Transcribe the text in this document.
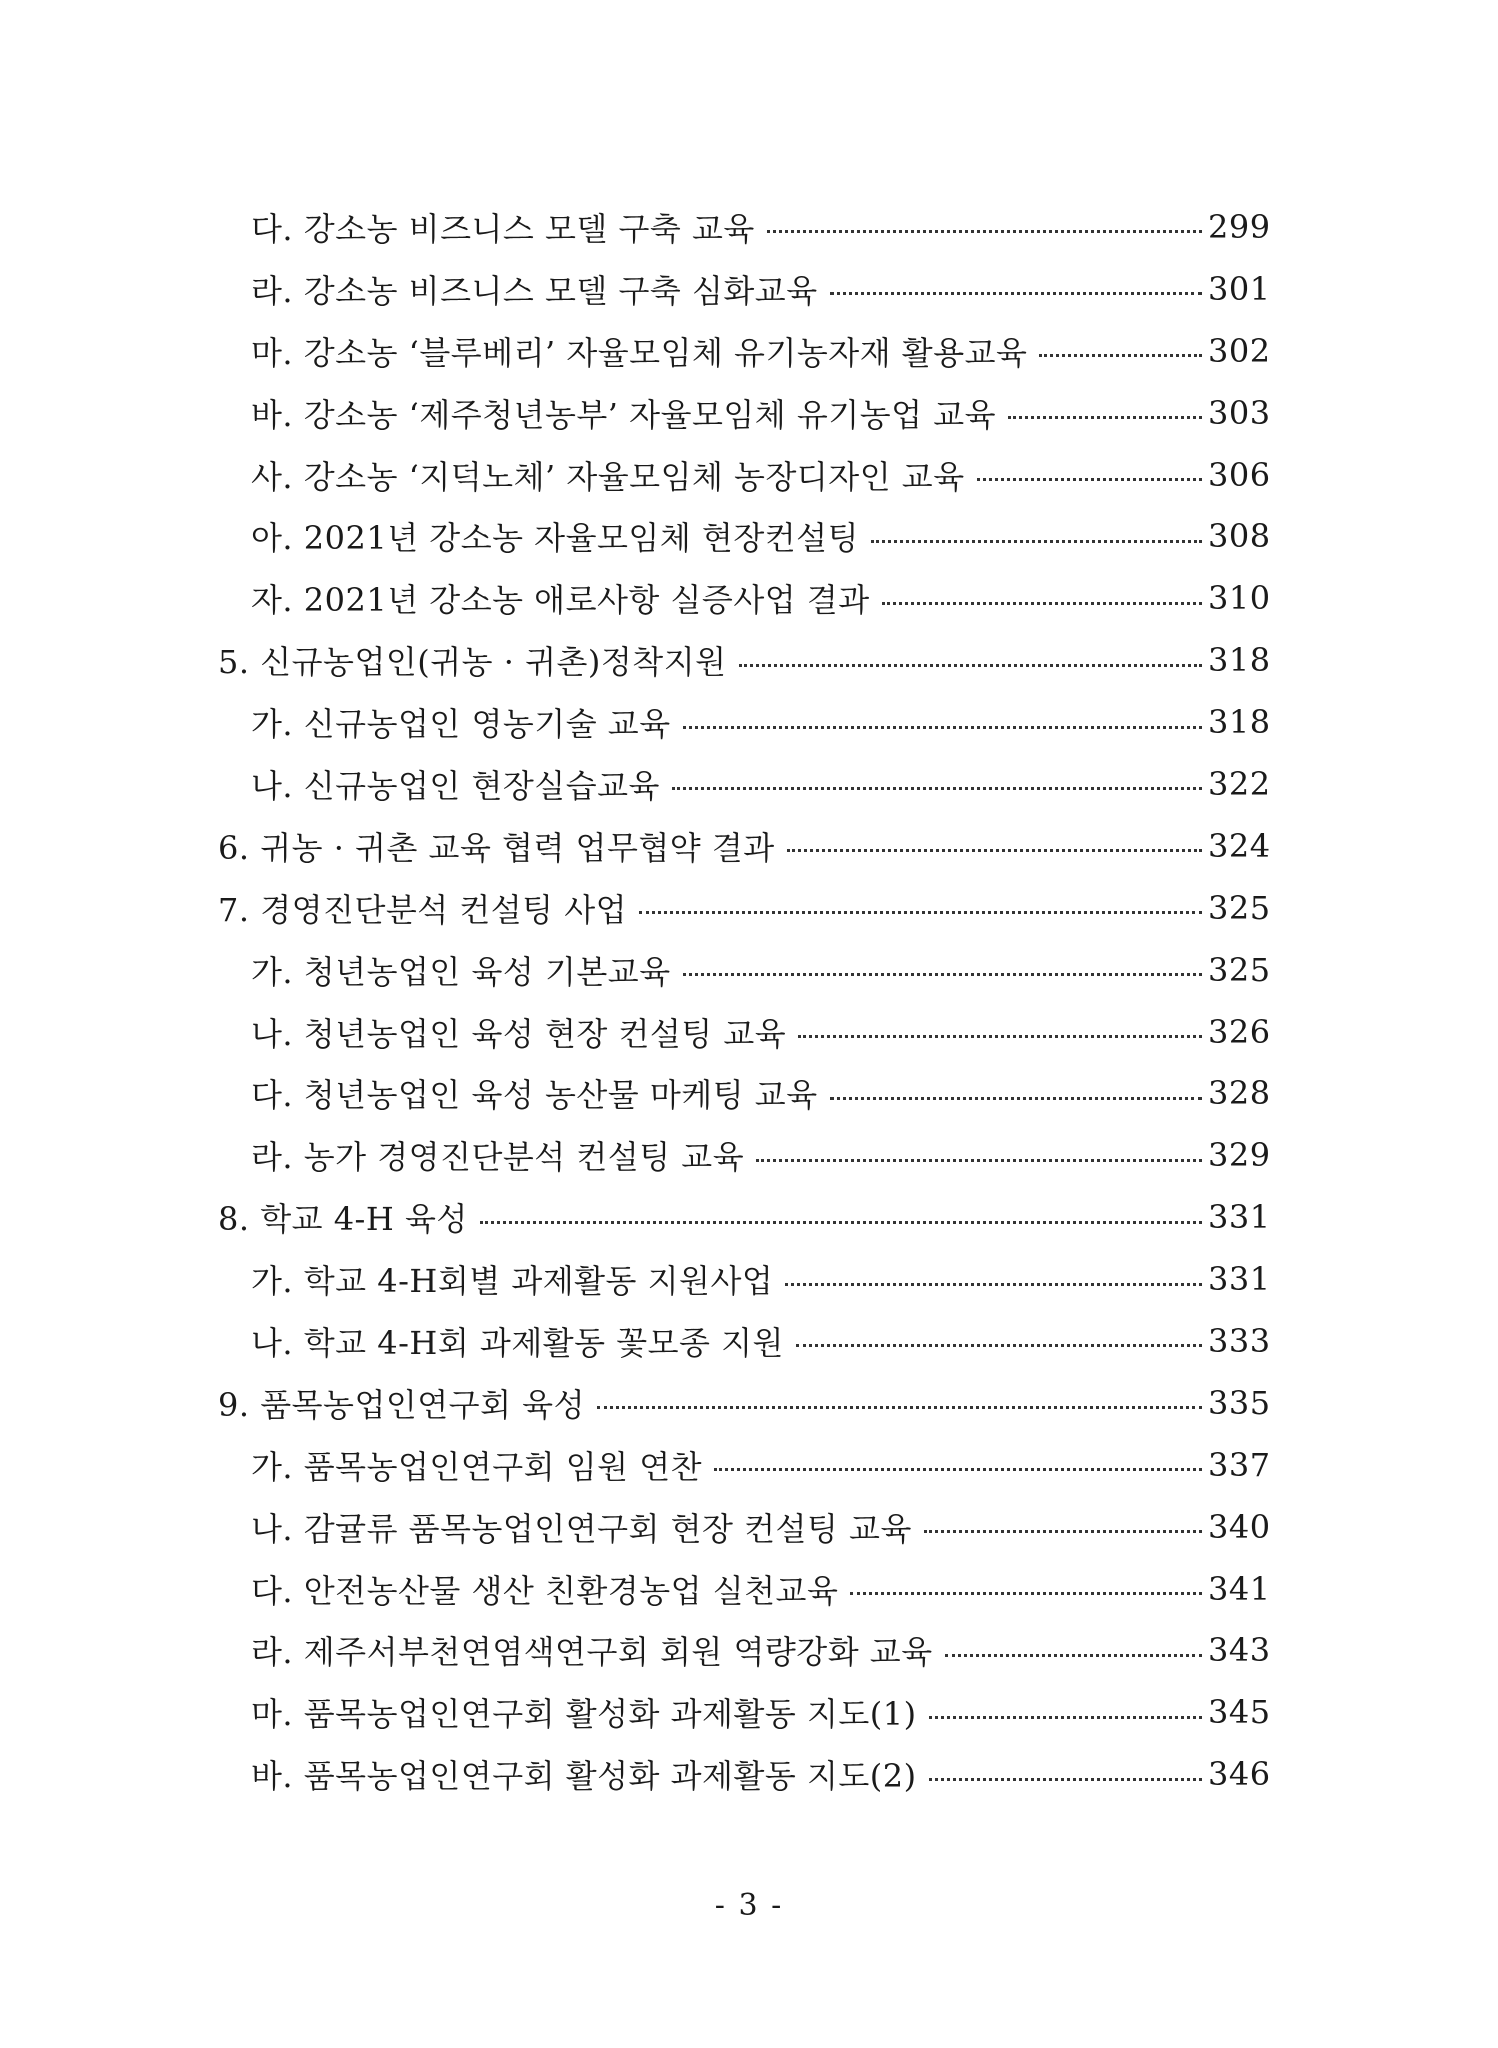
다. 강소농 비즈니스 모델 구축 교육	299
라. 강소농 비즈니스 모델 구축 심화교육	301
마. 강소농 ‘블루베리’ 자율모임체 유기농자재 활용교육	302
바. 강소농 ‘제주청년농부’ 자율모임체 유기농업 교육	303
사. 강소농 ‘지덕노체’ 자율모임체 농장디자인 교육	306
아. 2021년 강소농 자율모임체 현장컨설팅	308
자. 2021년 강소농 애로사항 실증사업 결과	310
5. 신규농업인(귀농 · 귀촌)정착지원	318
가. 신규농업인 영농기술 교육	318
나. 신규농업인 현장실습교육	322
6. 귀농 · 귀촌 교육 협력 업무협약 결과	324
7. 경영진단분석 컨설팅 사업	325
가. 청년농업인 육성 기본교육	325
나. 청년농업인 육성 현장 컨설팅 교육	326
다. 청년농업인 육성 농산물 마케팅 교육	328
라. 농가 경영진단분석 컨설팅 교육	329
8. 학교 4-H 육성	331
가. 학교 4-H회별 과제활동 지원사업	331
나. 학교 4-H회 과제활동 꽃모종 지원	333
9. 품목농업인연구회 육성	335
가. 품목농업인연구회 임원 연찬	337
나. 감귤류 품목농업인연구회 현장 컨설팅 교육	340
다. 안전농산물 생산 친환경농업 실천교육	341
라. 제주서부천연염색연구회 회원 역량강화 교육	343
마. 품목농업인연구회 활성화 과제활동 지도(1)	345
바. 품목농업인연구회 활성화 과제활동 지도(2)	346
- 3 -
